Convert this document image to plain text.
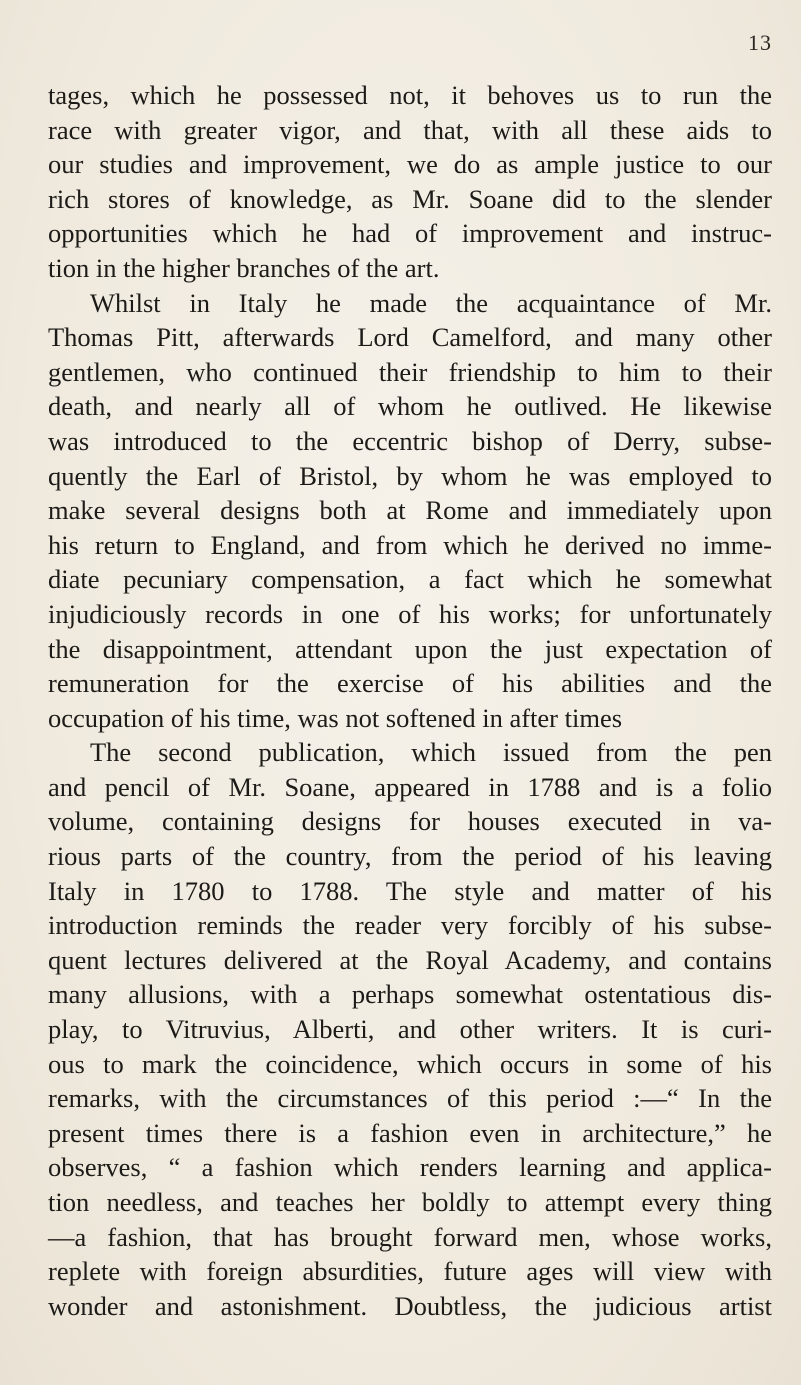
13
tages, which he possessed not, it behoves us to run the
race with greater vigor, and that, with all these aids to
our studies and improvement, we do as ample justice to our
rich stores of knowledge, as Mr. Soane did to the slender
opportunities which he had of improvement and instruc-
tion in the higher branches of the art.
Whilst in Italy he made the acquaintance of Mr.
Thomas Pitt, afterwards Lord Camelford, and many other
gentlemen, who continued their friendship to him to their
death, and nearly all of whom he outlived. He likewise
was introduced to the eccentric bishop of Derry, subse-
quently the Earl of Bristol, by whom he was employed to
make several designs both at Rome and immediately upon
his return to England, and from which he derived no imme-
diate pecuniary compensation, a fact which he somewhat
injudiciously records in one of his works; for unfortunately
the disappointment, attendant upon the just expectation of
remuneration for the exercise of his abilities and the
occupation of his time, was not softened in after times
The second publication, which issued from the pen
and pencil of Mr. Soane, appeared in 1788 and is a folio
volume, containing designs for houses executed in va-
rious parts of the country, from the period of his leaving
Italy in 1780 to 1788. The style and matter of his
introduction reminds the reader very forcibly of his subse-
quent lectures delivered at the Royal Academy, and contains
many allusions, with a perhaps somewhat ostentatious dis-
play, to Vitruvius, Alberti, and other writers. It is curi-
ous to mark the coincidence, which occurs in some of his
remarks, with the circumstances of this period :—“ In the
present times there is a fashion even in architecture,” he
observes, “ a fashion which renders learning and applica-
tion needless, and teaches her boldly to attempt every thing
—a fashion, that has brought forward men, whose works,
replete with foreign absurdities, future ages will view with
wonder and astonishment. Doubtless, the judicious artist
